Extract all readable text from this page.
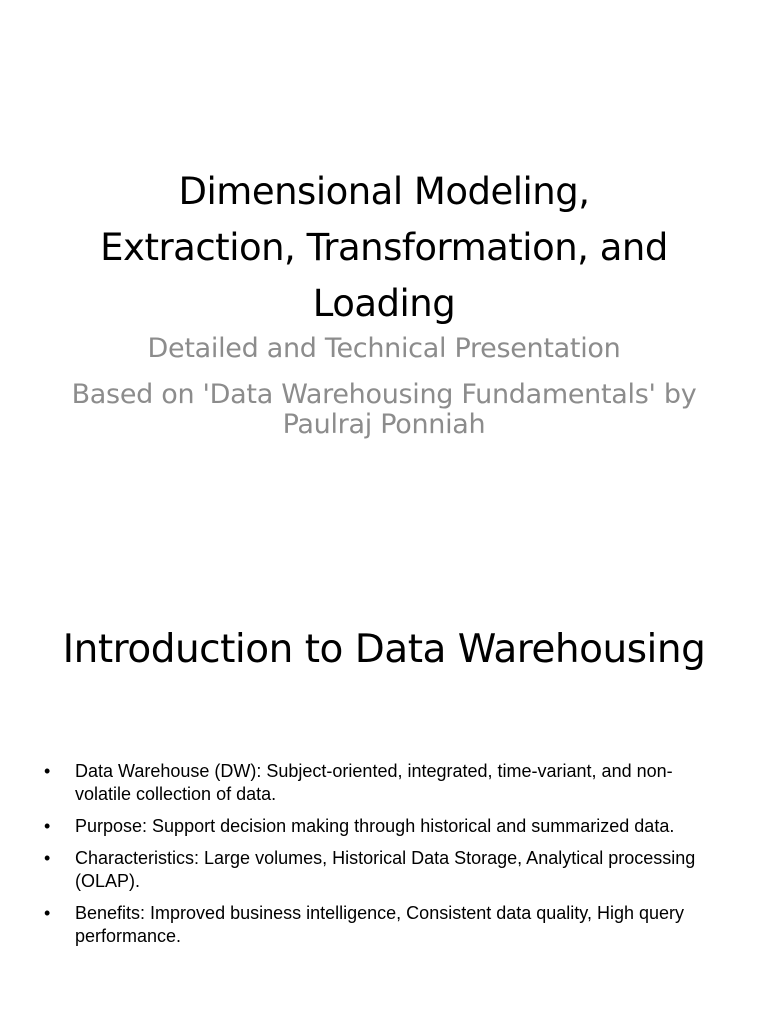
Dimensional Modeling,
Extraction, Transformation, and
Loading

Detailed and Technical Presentation

Based on 'Data Warehousing Fundamentals' by Paulraj Ponniah

Introduction to Data Warehousing
• Data Warehouse (DW): Subject-oriented, integrated, time-variant, and non-volatile collection of data.
• Purpose: Support decision making through historical and summarized data.
• Characteristics: Large volumes, Historical Data Storage, Analytical processing (OLAP).
• Benefits: Improved business intelligence, Consistent data quality, High query performance.
